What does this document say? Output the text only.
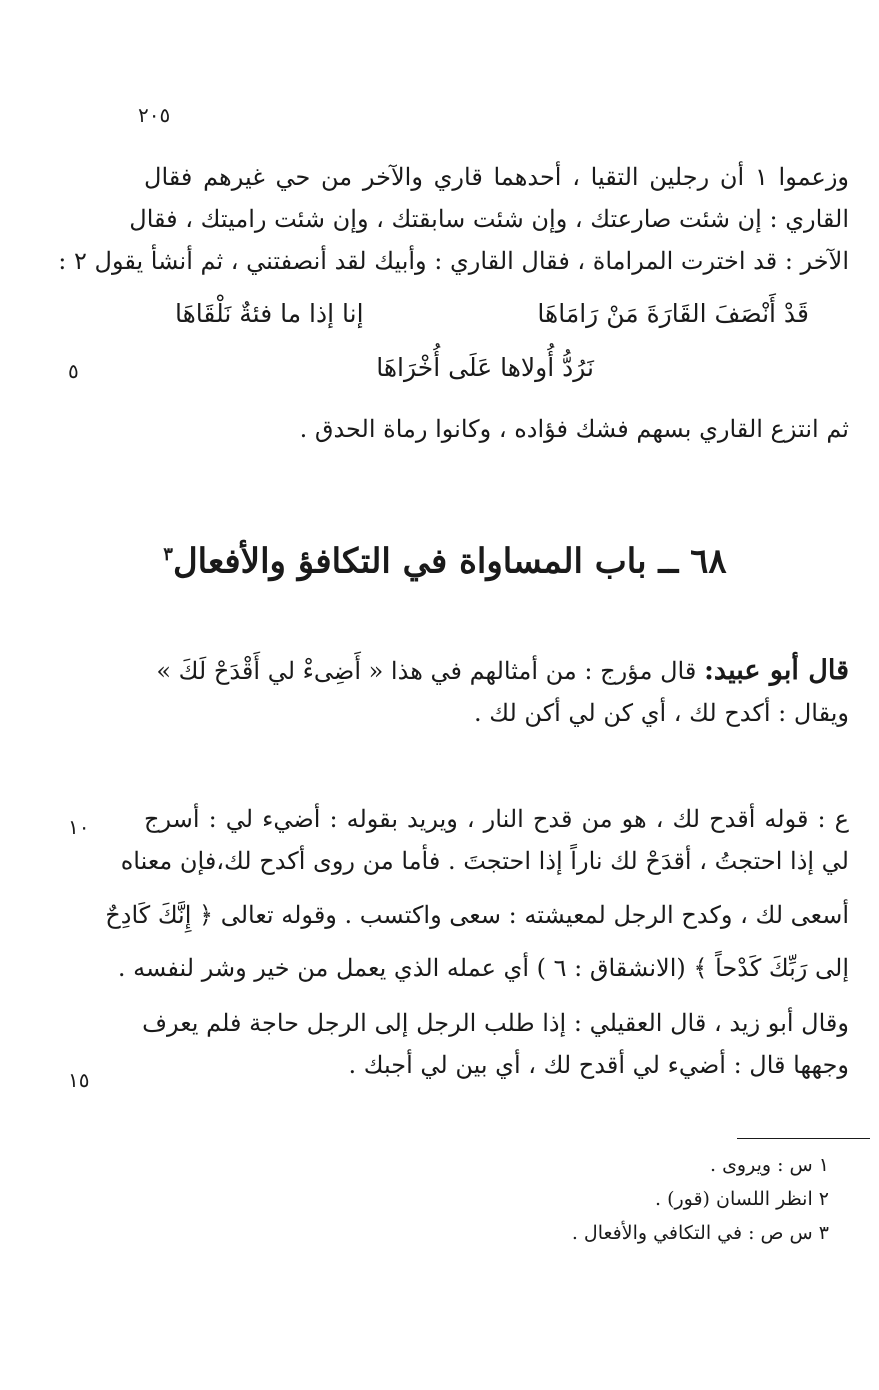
٢٠٥
وزعموا ١ أن رجلين التقيا ، أحدهما قاري والآخر من حي غيرهم فقال
القاري : إن شئت صارعتك ، وإن شئت سابقتك ، وإن شئت راميتك ، فقال
الآخر : قد اخترت المراماة ، فقال القاري : وأبيك لقد أنصفتني ، ثم أنشأ يقول ٢ :
قَدْ أَنْصَفَ القَارَةَ مَنْ رَامَاهَا
إنا إذا ما فئةٌ نَلْقَاهَا
نَرُدُّ أُولاها عَلَى أُخْرَاهَا
٥
ثم انتزع القاري بسهم فشك فؤاده ، وكانوا رماة الحدق .
٦٨ ــ باب المساواة في التكافؤ والأفعال$^٣$
قال أبو عبيد: قال مؤرج : من أمثالهم في هذا « أَضِىءْ لي أَقْدَحْ لَكَ »
ويقال : أكدح لك ، أي كن لي أكن لك .
ع : قوله أقدح لك ، هو من قدح النار ، ويريد بقوله : أضيء لي : أسرج
لي إذا احتجتُ ، أقدَحْ لك ناراً إذا احتجتَ . فأما من روى أكدح لك،فإن معناه
أسعى لك ، وكدح الرجل لمعيشته : سعى واكتسب . وقوله تعالى ﴿ إِنَّكَ كَادِحٌ
إلى رَبِّكَ كَدْحاً ﴾ (الانشقاق : ٦ ) أي عمله الذي يعمل من خير وشر لنفسه .
١٠
وقال أبو زيد ، قال العقيلي : إذا طلب الرجل إلى الرجل حاجة فلم يعرف
وجهها قال : أضيء لي أقدح لك ، أي بين لي أجبك .
١٥
١ س : ويروى .
٢ انظر اللسان (قور) .
٣ س ص : في التكافي والأفعال .
